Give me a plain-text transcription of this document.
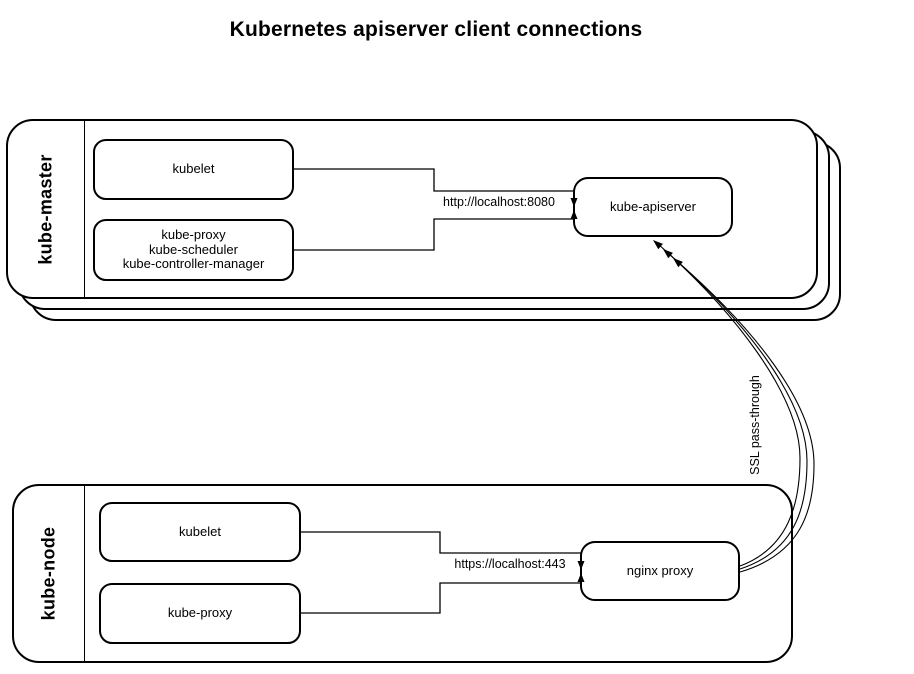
Kubernetes apiserver client connections
kube-master	kubelet
kube-proxy
kube-scheduler
kube-controller-manager
kube-apiserver
kube-node	kubelet
kube-proxy
nginx proxy
http://localhost:8080
https://localhost:443
SSL pass-through
